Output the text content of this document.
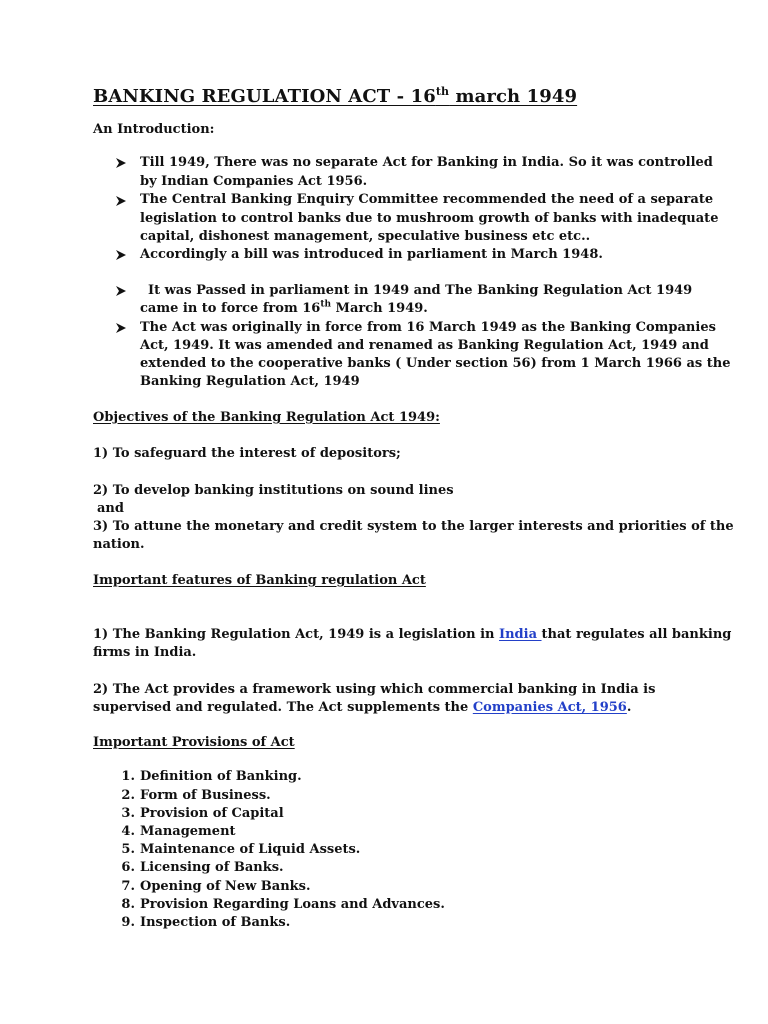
BANKING REGULATION ACT - 16th march 1949
An Introduction:
Till 1949, There was no separate Act for Banking in India. So it was controlled
by Indian Companies Act 1956.
The Central Banking Enquiry Committee recommended the need of a separate
legislation to control banks due to mushroom growth of banks with inadequate
capital, dishonest management, speculative business etc etc..
Accordingly a bill was introduced in parliament in March 1948.
It was Passed in parliament in 1949 and The Banking Regulation Act 1949
came in to force from 16th March 1949.
The Act was originally in force from 16 March 1949 as the Banking Companies
Act, 1949. It was amended and renamed as Banking Regulation Act, 1949 and
extended to the cooperative banks ( Under section 56) from 1 March 1966 as the
Banking Regulation Act, 1949
Objectives of the Banking Regulation Act 1949:
1) To safeguard the interest of depositors;
2) To develop banking institutions on sound lines
and
3) To attune the monetary and credit system to the larger interests and priorities of the
nation.
Important features of Banking regulation Act
1) The Banking Regulation Act, 1949 is a legislation in India that regulates all banking
firms in India.
2) The Act provides a framework using which commercial banking in India is
supervised and regulated. The Act supplements the Companies Act, 1956.
Important Provisions of Act
1. Definition of Banking.
2. Form of Business.
3. Provision of Capital
4. Management
5. Maintenance of Liquid Assets.
6. Licensing of Banks.
7. Opening of New Banks.
8. Provision Regarding Loans and Advances.
9. Inspection of Banks.
